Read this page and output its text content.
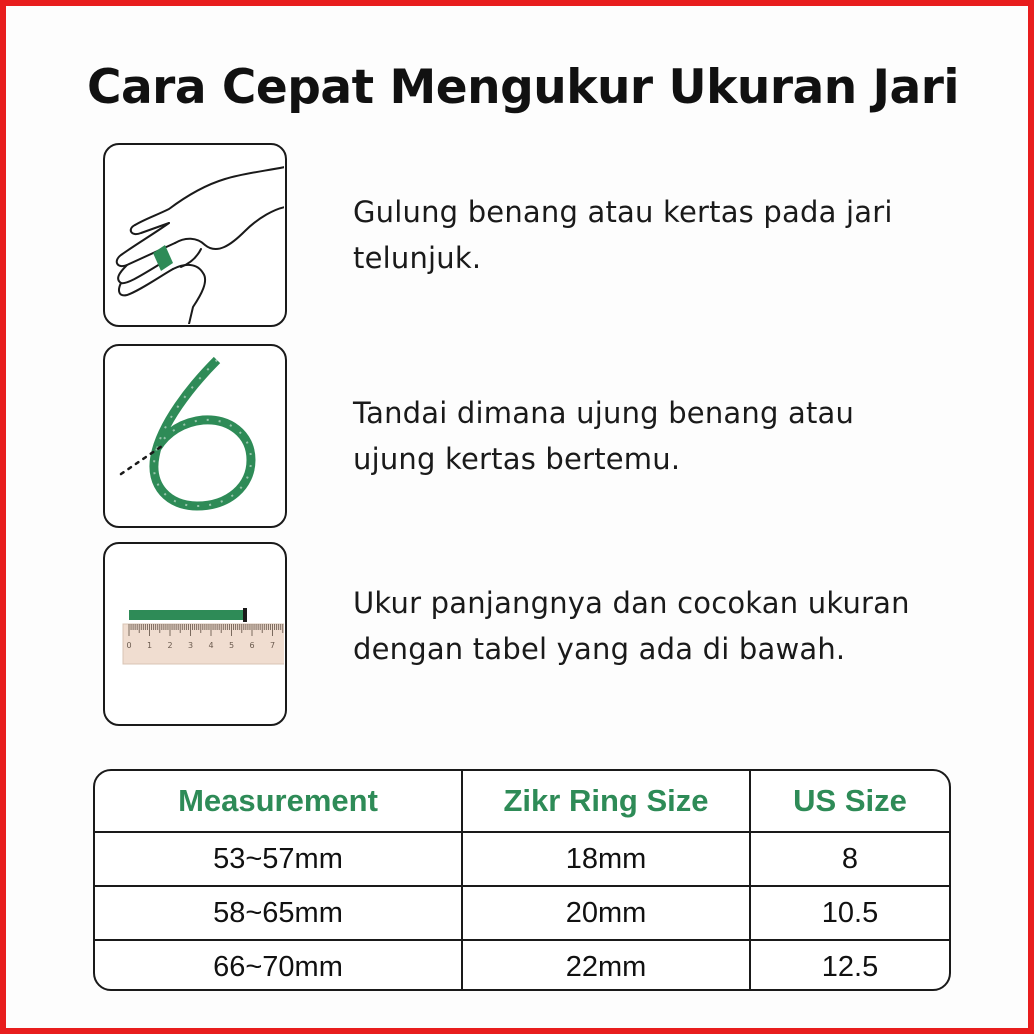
Cara Cepat Mengukur Ukuran Jari
Gulung benang atau kertas pada jari
telunjuk.
Tandai dimana ujung benang atau
ujung kertas bertemu.
0 1 2 3 4 5 6 7
Ukur panjangnya dan cocokan ukuran
dengan tabel yang ada di bawah.
Measurement	Zikr Ring Size	US Size
53~57mm	18mm	8
58~65mm	20mm	10.5
66~70mm	22mm	12.5
